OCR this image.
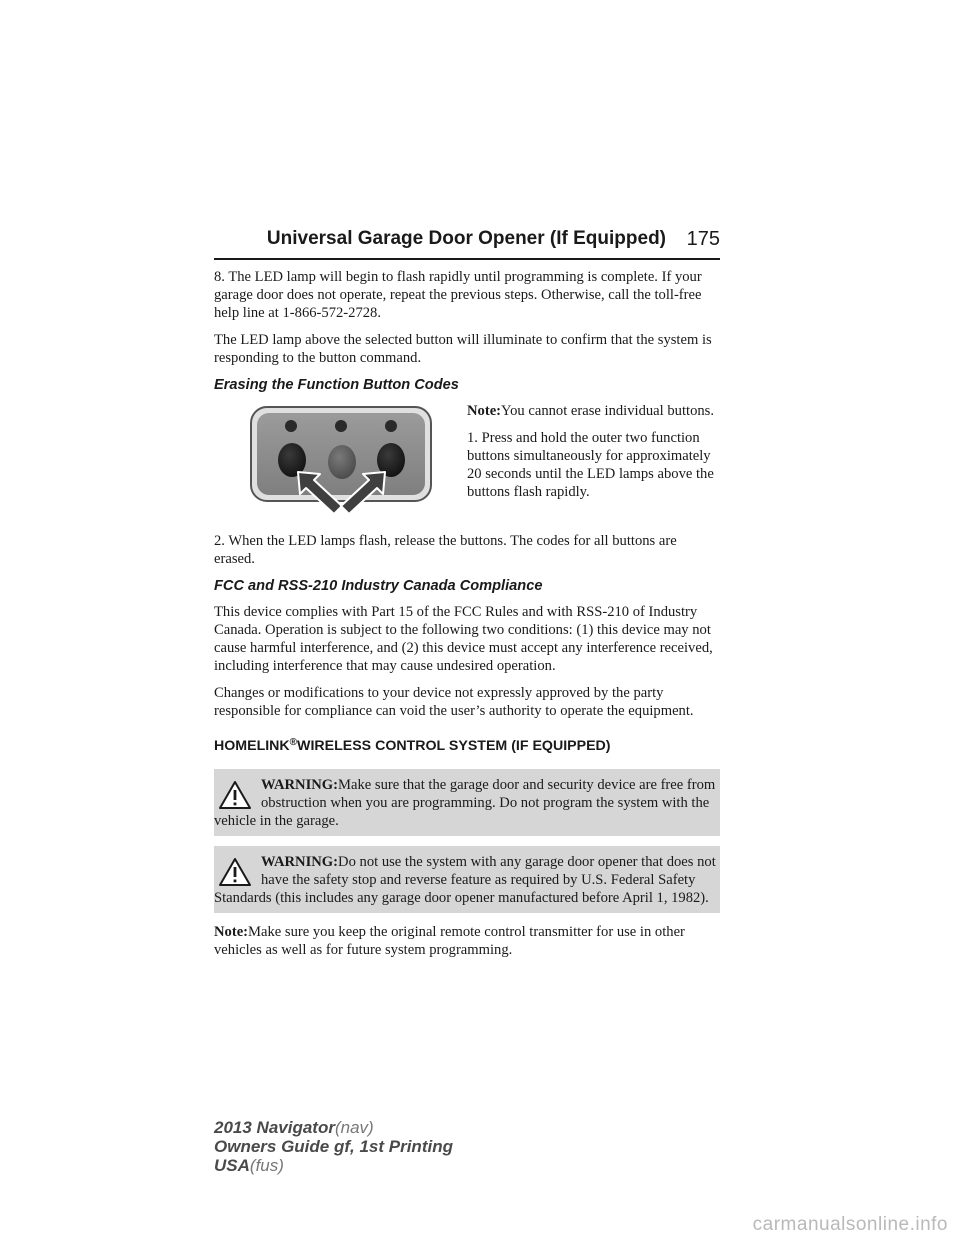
Universal Garage Door Opener (If Equipped) 175

8. The LED lamp will begin to flash rapidly until programming is complete. If your garage door does not operate, repeat the previous steps. Otherwise, call the toll-free help line at 1-866-572-2728.

The LED lamp above the selected button will illuminate to confirm that the system is responding to the button command.

Erasing the Function Button Codes

Note:You cannot erase individual buttons.

1. Press and hold the outer two function buttons simultaneously for approximately 20 seconds until the LED lamps above the buttons flash rapidly.

2. When the LED lamps flash, release the buttons. The codes for all buttons are erased.

FCC and RSS-210 Industry Canada Compliance

This device complies with Part 15 of the FCC Rules and with RSS-210 of Industry Canada. Operation is subject to the following two conditions: (1) this device may not cause harmful interference, and (2) this device must accept any interference received, including interference that may cause undesired operation.

Changes or modifications to your device not expressly approved by the party responsible for compliance can void the user’s authority to operate the equipment.

HOMELINK®WIRELESS CONTROL SYSTEM (IF EQUIPPED)
WARNING:Make sure that the garage door and security device are free from obstruction when you are programming. Do not program the system with the vehicle in the garage.
WARNING:Do not use the system with any garage door opener that does not have the safety stop and reverse feature as required by U.S. Federal Safety Standards (this includes any garage door opener manufactured before April 1, 1982).

Note:Make sure you keep the original remote control transmitter for use in other vehicles as well as for future system programming.

2013 Navigator(nav)
Owners Guide gf, 1st Printing
USA(fus)
carmanualsonline.info
